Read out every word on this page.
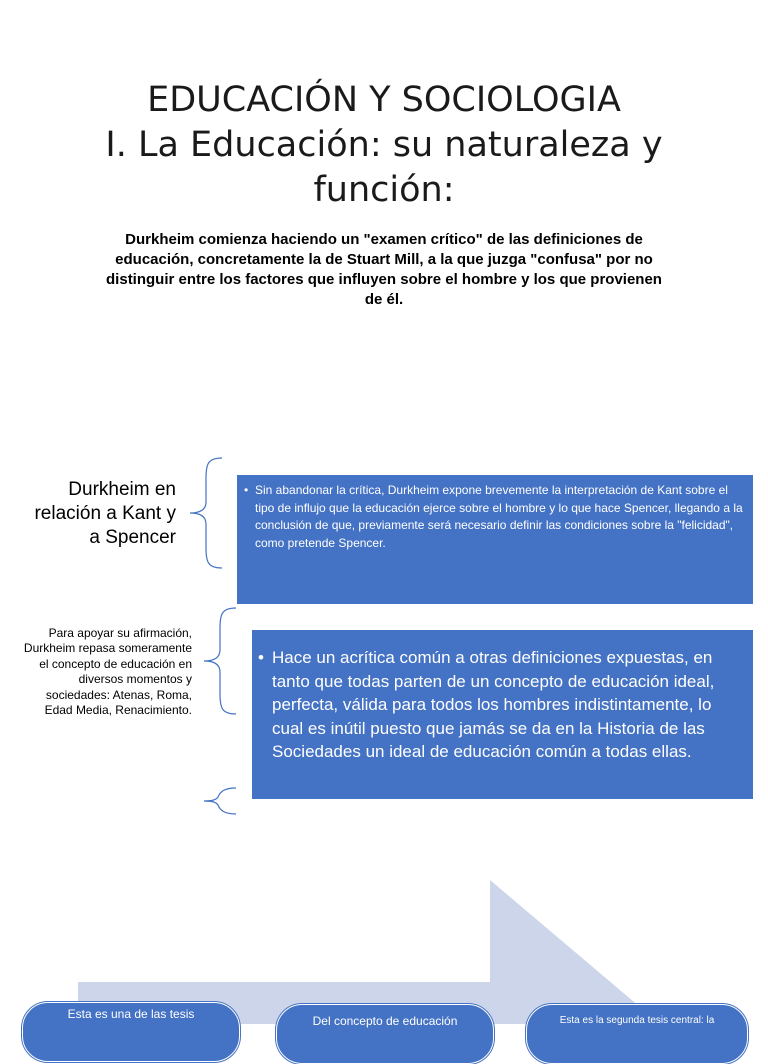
EDUCACIÓN Y SOCIOLOGIA
I. La Educación: su naturaleza y
función:

Durkheim comienza haciendo un "examen crítico" de las definiciones de educación, concretamente la de Stuart Mill, a la que juzga "confusa" por no distinguir entre los factores que influyen sobre el hombre y los que provienen de él.

Durkheim en relación a Kant y a Spencer

• Sin abandonar la crítica, Durkheim expone brevemente la interpretación de Kant sobre el tipo de influjo que la educación ejerce sobre el hombre y lo que hace Spencer, llegando a la conclusión de que, previamente será necesario definir las condiciones sobre la "felicidad", como pretende Spencer.

Para apoyar su afirmación, Durkheim repasa someramente el concepto de educación en diversos momentos y sociedades: Atenas, Roma, Edad Media, Renacimiento.

• Hace un acrítica común a otras definiciones expuestas, en tanto que todas parten de un concepto de educación ideal, perfecta, válida para todos los hombres indistintamente, lo cual es inútil puesto que jamás se da en la Historia de las Sociedades un ideal de educación común a todas ellas.

Esta es una de las tesis	Del concepto de educación	Esta es la segunda tesis central: la
